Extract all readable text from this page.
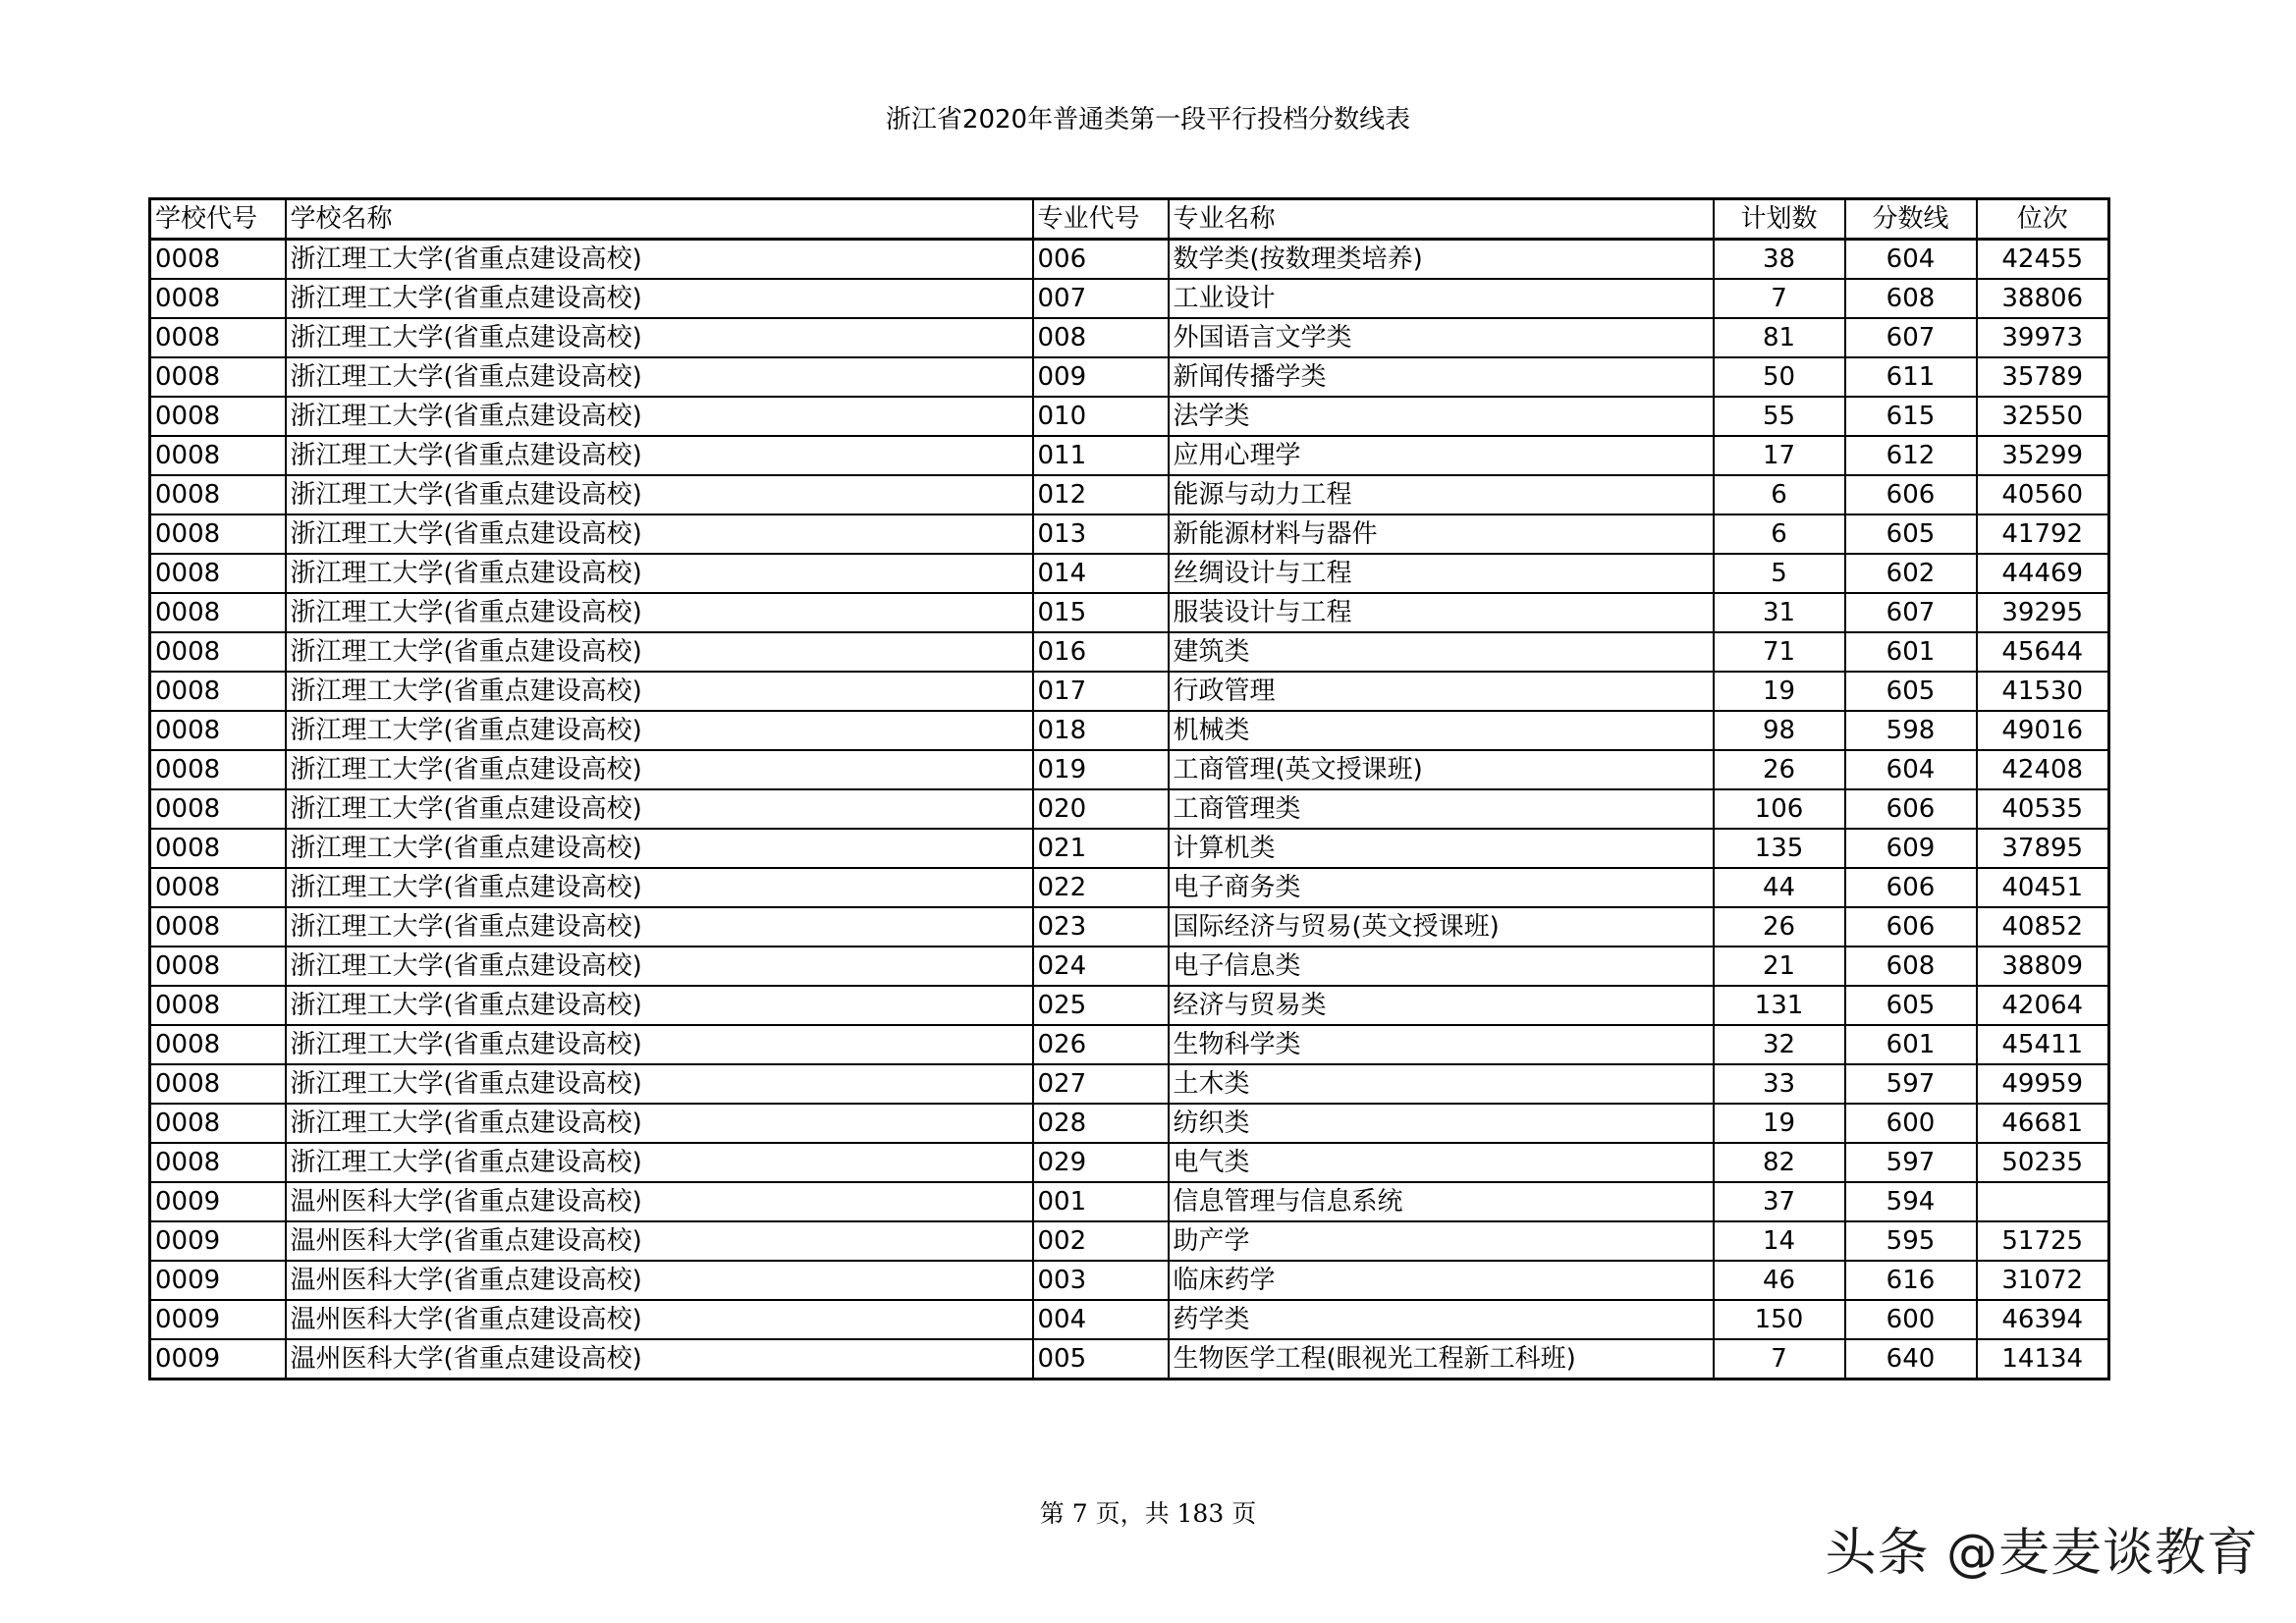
浙江省2020年普通类第一段平行投档分数线表
学校代号	学校名称	专业代号	专业名称	计划数	分数线	位次
0008	浙江理工大学(省重点建设高校)	006	数学类(按数理类培养)	38	604	42455
0008	浙江理工大学(省重点建设高校)	007	工业设计	7	608	38806
0008	浙江理工大学(省重点建设高校)	008	外国语言文学类	81	607	39973
0008	浙江理工大学(省重点建设高校)	009	新闻传播学类	50	611	35789
0008	浙江理工大学(省重点建设高校)	010	法学类	55	615	32550
0008	浙江理工大学(省重点建设高校)	011	应用心理学	17	612	35299
0008	浙江理工大学(省重点建设高校)	012	能源与动力工程	6	606	40560
0008	浙江理工大学(省重点建设高校)	013	新能源材料与器件	6	605	41792
0008	浙江理工大学(省重点建设高校)	014	丝绸设计与工程	5	602	44469
0008	浙江理工大学(省重点建设高校)	015	服装设计与工程	31	607	39295
0008	浙江理工大学(省重点建设高校)	016	建筑类	71	601	45644
0008	浙江理工大学(省重点建设高校)	017	行政管理	19	605	41530
0008	浙江理工大学(省重点建设高校)	018	机械类	98	598	49016
0008	浙江理工大学(省重点建设高校)	019	工商管理(英文授课班)	26	604	42408
0008	浙江理工大学(省重点建设高校)	020	工商管理类	106	606	40535
0008	浙江理工大学(省重点建设高校)	021	计算机类	135	609	37895
0008	浙江理工大学(省重点建设高校)	022	电子商务类	44	606	40451
0008	浙江理工大学(省重点建设高校)	023	国际经济与贸易(英文授课班)	26	606	40852
0008	浙江理工大学(省重点建设高校)	024	电子信息类	21	608	38809
0008	浙江理工大学(省重点建设高校)	025	经济与贸易类	131	605	42064
0008	浙江理工大学(省重点建设高校)	026	生物科学类	32	601	45411
0008	浙江理工大学(省重点建设高校)	027	土木类	33	597	49959
0008	浙江理工大学(省重点建设高校)	028	纺织类	19	600	46681
0008	浙江理工大学(省重点建设高校)	029	电气类	82	597	50235
0009	温州医科大学(省重点建设高校)	001	信息管理与信息系统	37	594	
0009	温州医科大学(省重点建设高校)	002	助产学	14	595	51725
0009	温州医科大学(省重点建设高校)	003	临床药学	46	616	31072
0009	温州医科大学(省重点建设高校)	004	药学类	150	600	46394
0009	温州医科大学(省重点建设高校)	005	生物医学工程(眼视光工程新工科班)	7	640	14134
第 7 页，共 183 页
头条 @麦麦谈教育
